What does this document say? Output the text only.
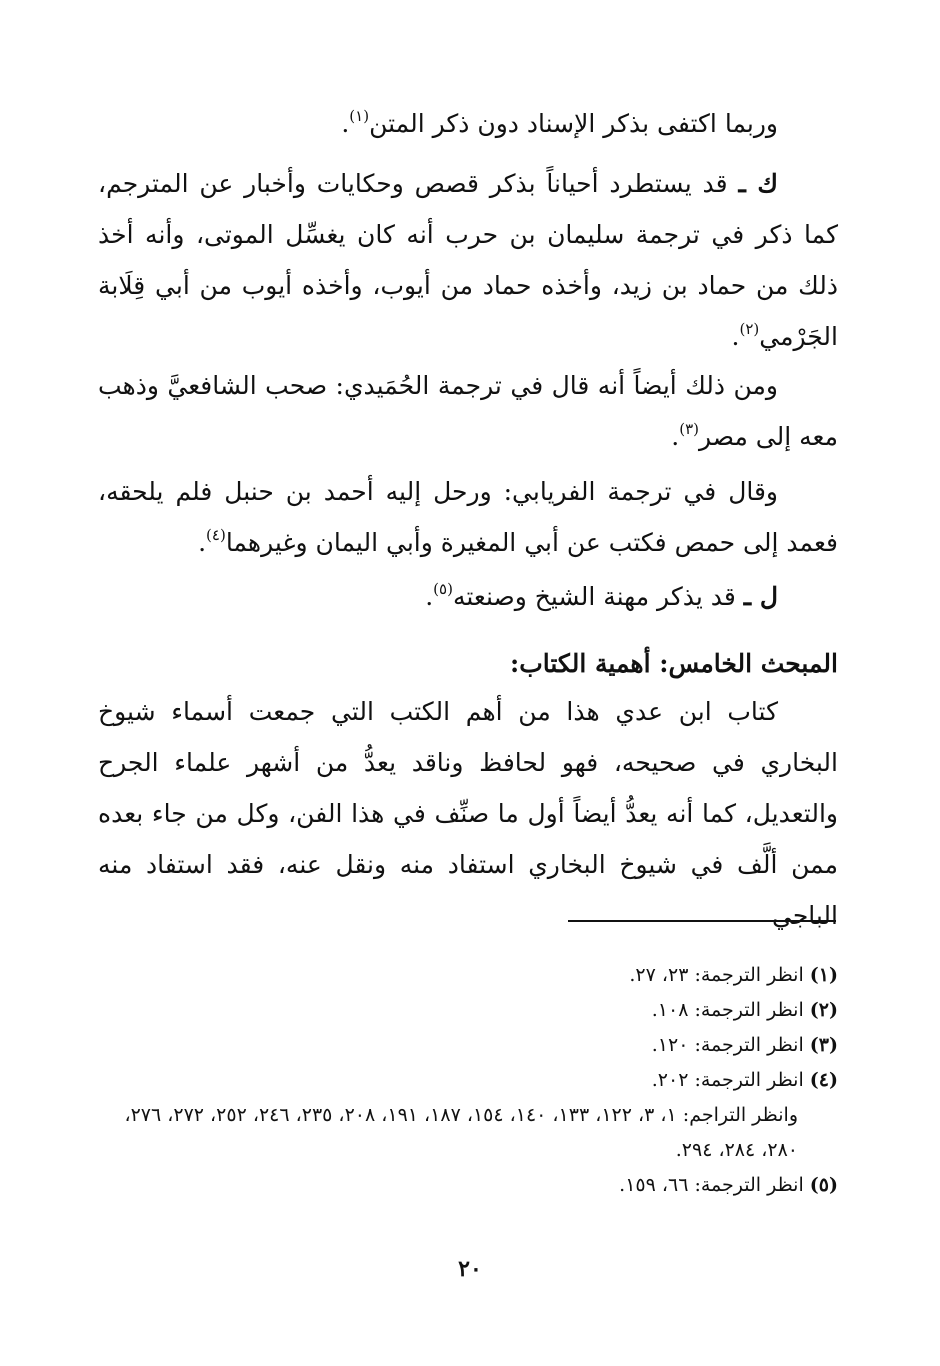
وربما اكتفى بذكر الإسناد دون ذكر المتن$^{(١)}$.

ك ـ قد يستطرد أحياناً بذكر قصص وحكايات وأخبار عن المترجم، كما ذكر في ترجمة سليمان بن حرب أنه كان يغسِّل الموتى، وأنه أخذ ذلك من حماد بن زيد، وأخذه حماد من أيوب، وأخذه أيوب من أبي قِلَابة الجَرْمي$^{(٢)}$.

ومن ذلك أيضاً أنه قال في ترجمة الحُمَيدي: صحب الشافعيَّ وذهب معه إلى مصر$^{(٣)}$.

وقال في ترجمة الفريابي: ورحل إليه أحمد بن حنبل فلم يلحقه، فعمد إلى حمص فكتب عن أبي المغيرة وأبي اليمان وغيرهما$^{(٤)}$.

ل ـ قد يذكر مهنة الشيخ وصنعته$^{(٥)}$.

المبحث الخامس: أهمية الكتاب:

كتاب ابن عدي هذا من أهم الكتب التي جمعت أسماء شيوخ البخاري في صحيحه، فهو لحافظ وناقد يعدُّ من أشهر علماء الجرح والتعديل، كما أنه يعدُّ أيضاً أول ما صنِّف في هذا الفن، وكل من جاء بعده ممن ألَّف في شيوخ البخاري استفاد منه ونقل عنه، فقد استفاد منه الباجي

(١) انظر الترجمة: ٢٣، ٢٧.

(٢) انظر الترجمة: ١٠٨.

(٣) انظر الترجمة: ١٢٠.

(٤) انظر الترجمة: ٢٠٢.

وانظر التراجم: ١، ٣، ١٢٢، ١٣٣، ١٤٠، ١٥٤، ١٨٧، ١٩١، ٢٠٨، ٢٣٥، ٢٤٦، ٢٥٢، ٢٧٢، ٢٧٦، ٢٨٠، ٢٨٤، ٢٩٤.

(٥) انظر الترجمة: ٦٦، ١٥٩.

٢٠
